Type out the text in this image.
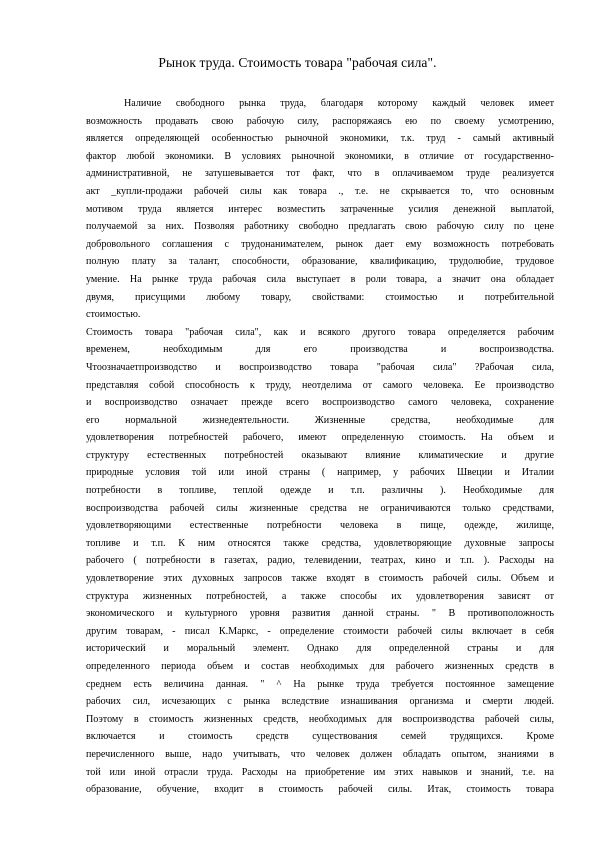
Рынок труда. Стоимость товара "рабочая сила".
Наличие свободного рынка труда, благодаря которому каждый человек имеет
возможность продавать свою рабочую силу, распоряжаясь ею по своему усмотрению,
является определяющей особенностью рыночной экономики, т.к. труд - самый активный
фактор любой экономики. В условиях рыночной экономики, в отличие от государственно-
административной, не затушевывается тот факт, что в оплачиваемом труде реализуется
акт _купли-продажи рабочей силы как товара ., т.е. не скрывается то, что основным
мотивом труда является интерес возместить затраченные усилия денежной выплатой,
получаемой за них. Позволяя работнику свободно предлагать свою рабочую силу по цене
добровольного соглашения с трудонанимателем, рынок дает ему возможность потребовать
полную плату за талант, способности, образование, квалификацию, трудолюбие, трудовое
умение. На рынке труда рабочая сила выступает в роли товара, а значит она обладает
двумя, присущими любому товару, свойствами: стоимостью и потребительной
стоимостью.
Стоимость товара "рабочая сила", как и всякого другого товара определяется рабочим
временем, необходимым для его производства и воспроизводства.
Чтоозначаетпроизводство и воспроизводство товара "рабочая сила" ?Рабочая сила,
представляя собой способность к труду, неотделима от самого человека. Ее производство
и воспроизводство означает прежде всего воспроизводство самого человека, сохранение
его нормальной жизнедеятельности. Жизненные средства, необходимые для
удовлетворения потребностей рабочего, имеют определенную стоимость. На объем и
структуру естественных потребностей оказывают влияние климатические и другие
природные условия той или иной страны ( например, у рабочих Швеции и Италии
потребности в топливе, теплой одежде и т.п. различны ). Необходимые для
воспроизводства рабочей силы жизненные средства не ограничиваются только средствами,
удовлетворяющими естественные потребности человека в пище, одежде, жилище,
топливе и т.п. К ним относятся также средства, удовлетворяющие духовные запросы
рабочего ( потребности в газетах, радио, телевидении, театрах, кино и т.п. ). Расходы на
удовлетворение этих духовных запросов также входят в стоимость рабочей силы. Объем и
структура жизненных потребностей, а также способы их удовлетворения зависят от
экономического и культурного уровня развития данной страны. " В противоположность
другим товарам, - писал К.Маркс, - определение стоимости рабочей силы включает в себя
исторический и моральный элемент. Однако для определенной страны и для
определенного периода объем и состав необходимых для рабочего жизненных средств в
среднем есть величина данная. " ^ На рынке труда требуется постоянное замещение
рабочих сил, исчезающих с рынка вследствие изнашивания организма и смерти людей.
Поэтому в стоимость жизненных средств, необходимых для воспроизводства рабочей силы,
включается и стоимость средств существования семей трудящихся. Кроме
перечисленного выше, надо учитывать, что человек должен обладать опытом, знаниями в
той или иной отрасли труда. Расходы на приобретение им этих навыков и знаний, т.е. на
образование, обучение, входит в стоимость рабочей силы. Итак, стоимость товара
